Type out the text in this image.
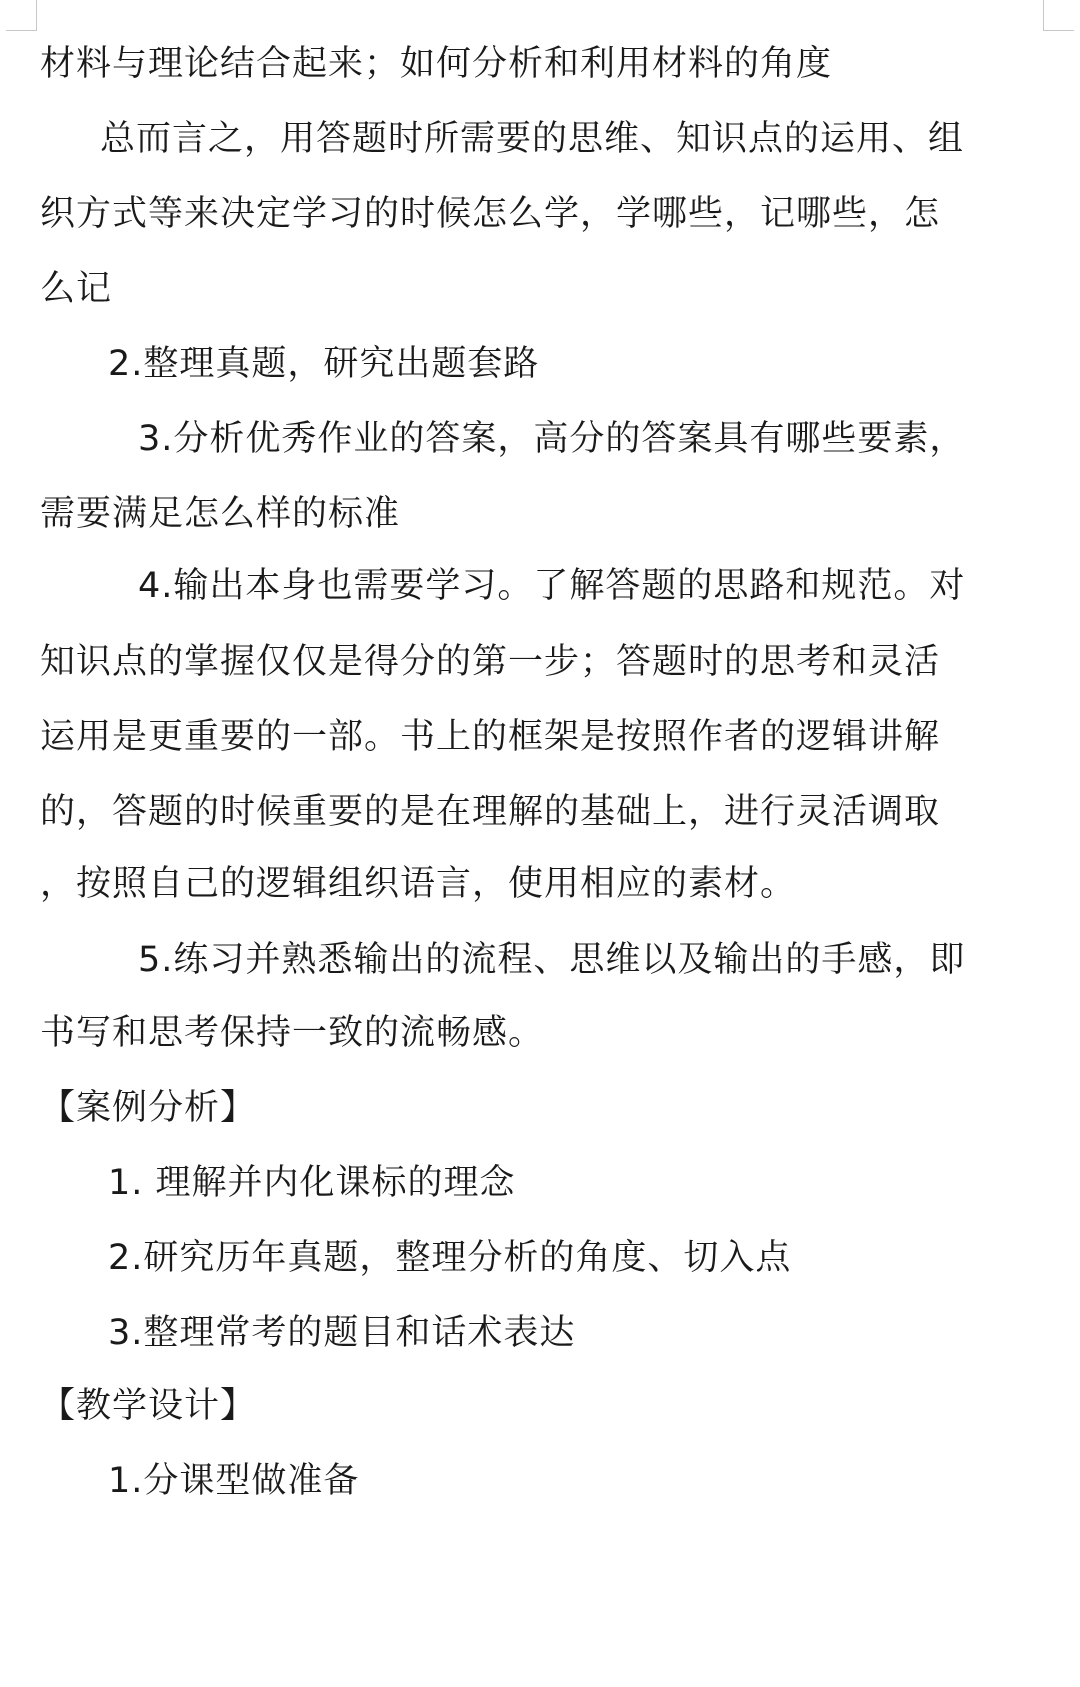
材料与理论结合起来；如何分析和利用材料的角度
总而言之，用答题时所需要的思维、知识点的运用、组
织方式等来决定学习的时候怎么学，学哪些，记哪些，怎
么记
2.整理真题，研究出题套路
3.分析优秀作业的答案，高分的答案具有哪些要素，
需要满足怎么样的标准
4.输出本身也需要学习。了解答题的思路和规范。对
知识点的掌握仅仅是得分的第一步；答题时的思考和灵活
运用是更重要的一部。书上的框架是按照作者的逻辑讲解
的，答题的时候重要的是在理解的基础上，进行灵活调取
，按照自己的逻辑组织语言，使用相应的素材。
5.练习并熟悉输出的流程、思维以及输出的手感，即
书写和思考保持一致的流畅感。
【案例分析】
1. 理解并内化课标的理念
2.研究历年真题，整理分析的角度、切入点
3.整理常考的题目和话术表达
【教学设计】
1.分课型做准备
